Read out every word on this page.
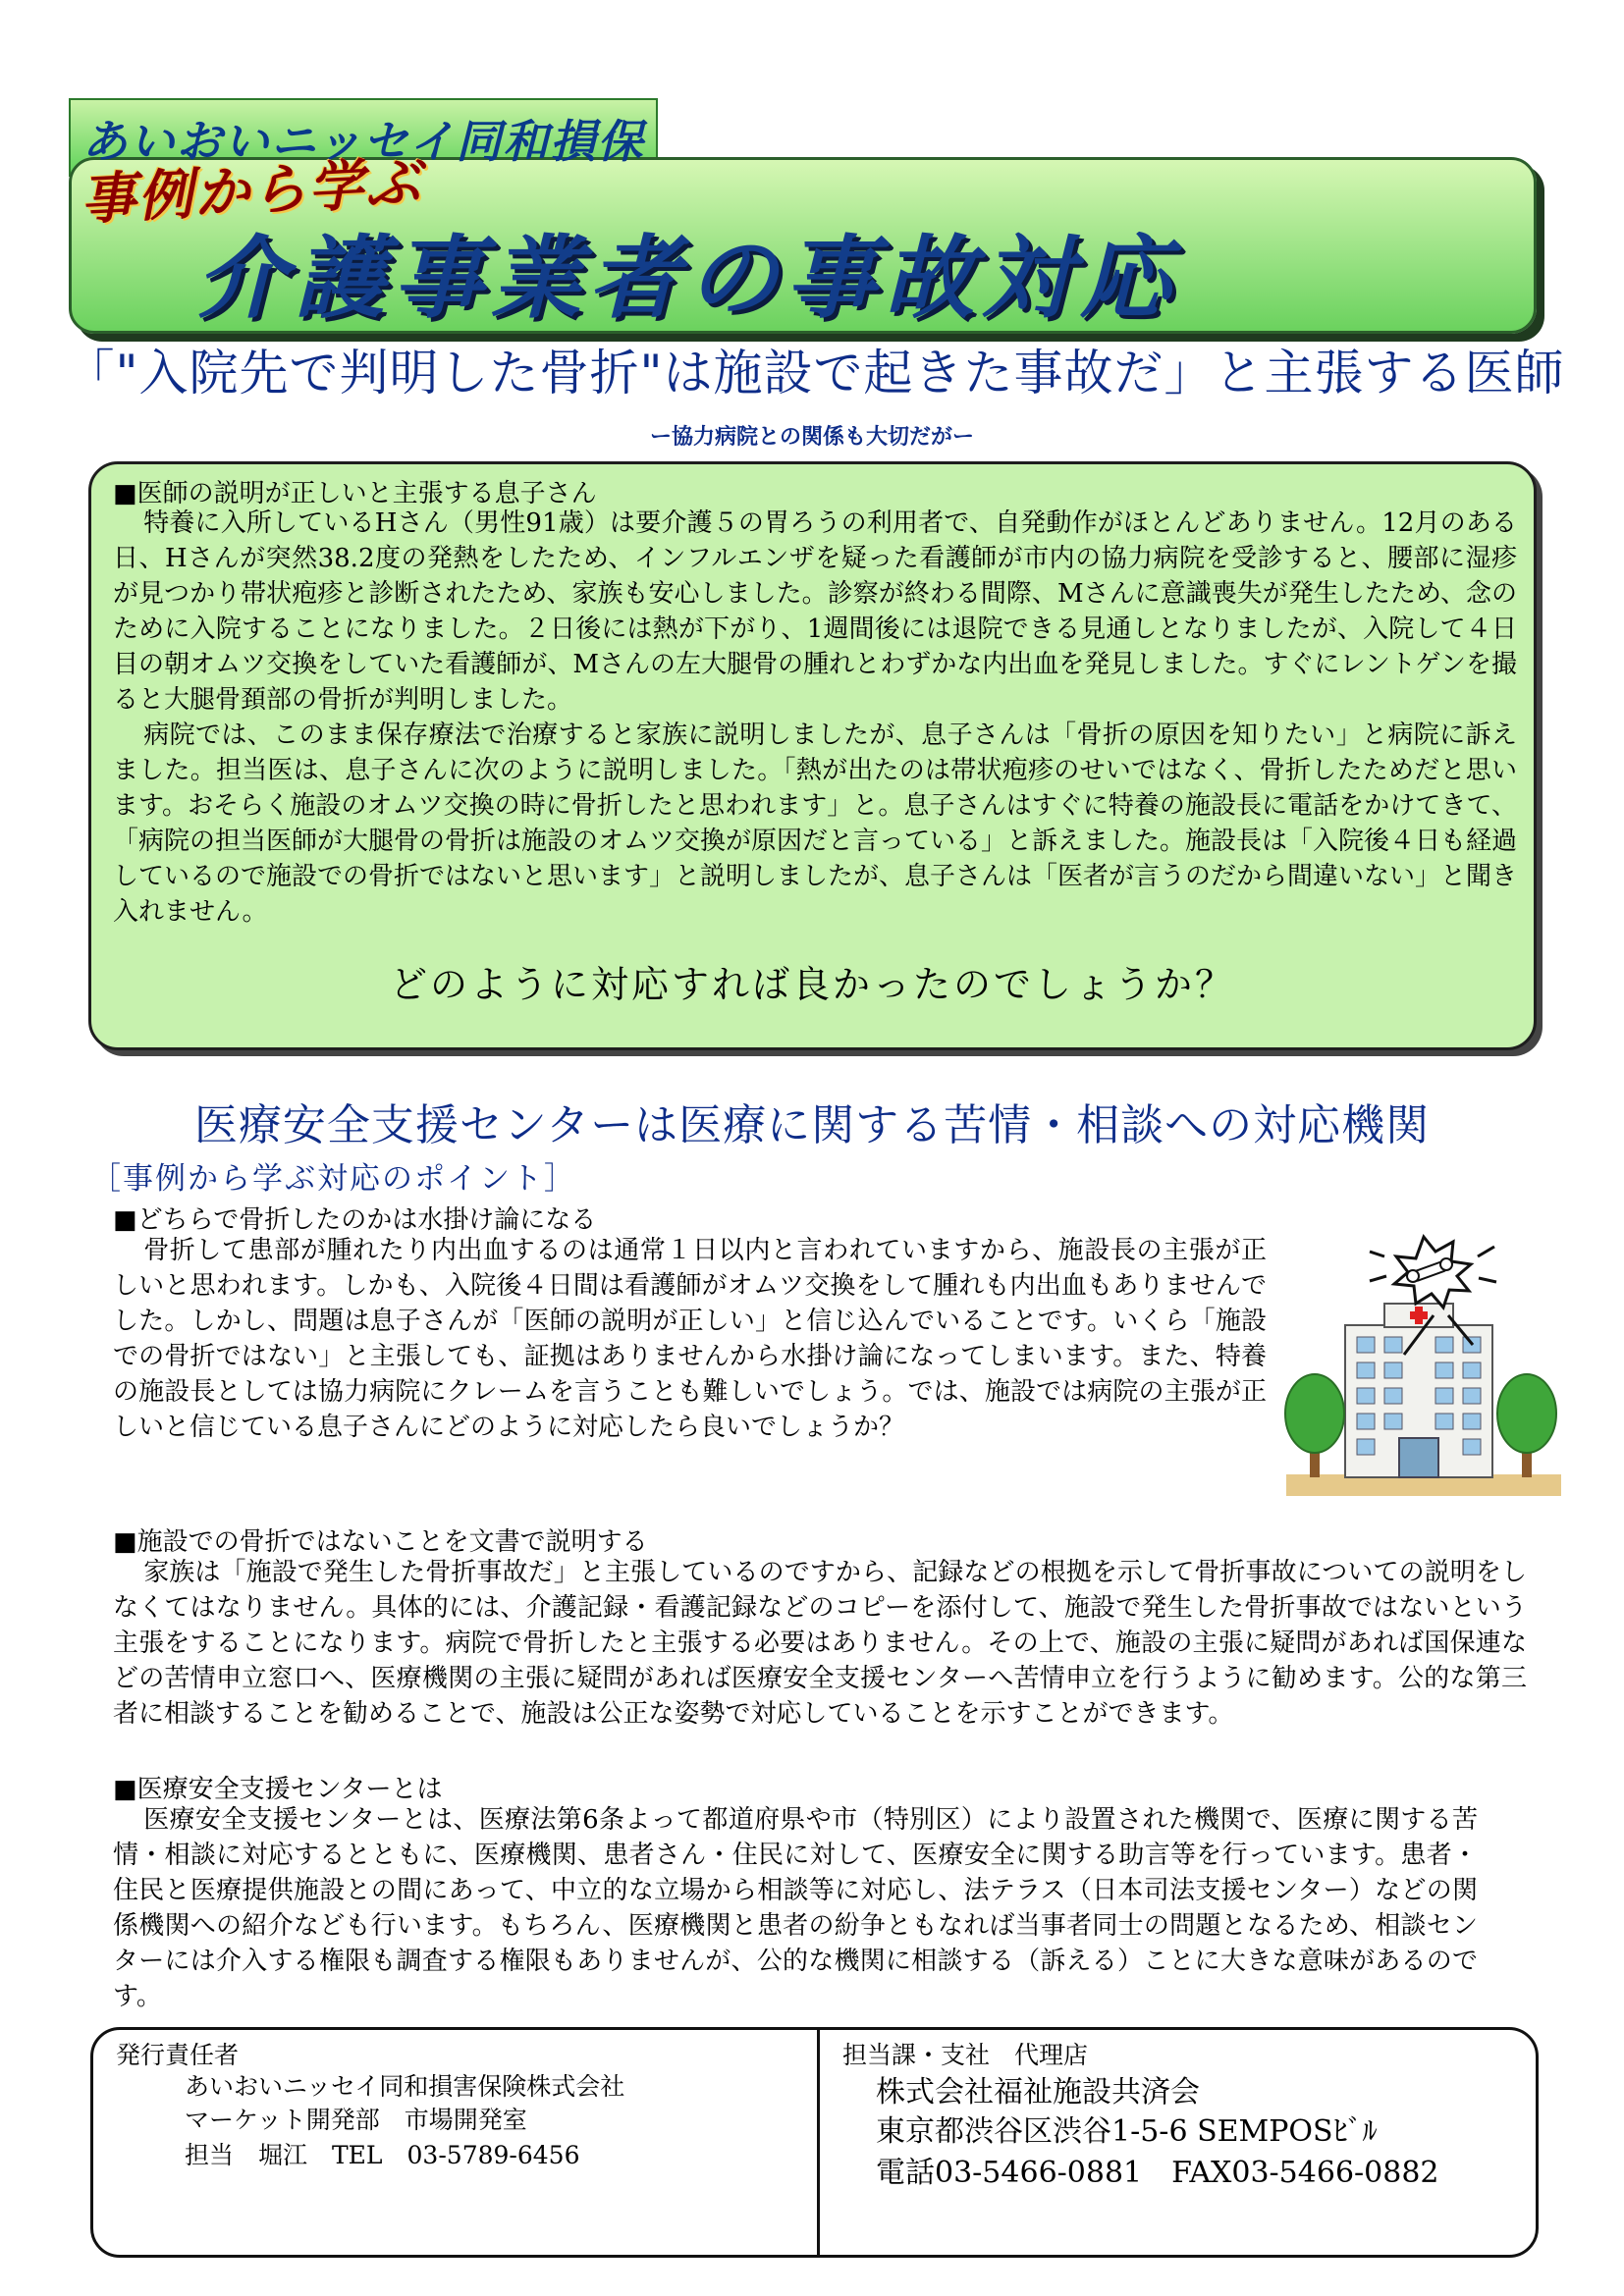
あいおいニッセイ同和損保
事例から学ぶ
介護事業者の事故対応
「"入院先で判明した骨折"は施設で起きた事故だ」と主張する医師
ー協力病院との関係も大切だがー
■医師の説明が正しいと主張する息子さん

特養に入所しているHさん（男性91歳）は要介護５の胃ろうの利用者で、自発動作がほとんどありません。12月のある日、Hさんが突然38.2度の発熱をしたため、インフルエンザを疑った看護師が市内の協力病院を受診すると、腰部に湿疹が見つかり帯状疱疹と診断されたため、家族も安心しました。診察が終わる間際、Mさんに意識喪失が発生したため、念のために入院することになりました。２日後には熱が下がり、1週間後には退院できる見通しとなりましたが、入院して４日目の朝オムツ交換をしていた看護師が、Mさんの左大腿骨の腫れとわずかな内出血を発見しました。すぐにレントゲンを撮ると大腿骨頚部の骨折が判明しました。

病院では、このまま保存療法で治療すると家族に説明しましたが、息子さんは「骨折の原因を知りたい」と病院に訴えました。担当医は、息子さんに次のように説明しました。「熱が出たのは帯状疱疹のせいではなく、骨折したためだと思います。おそらく施設のオムツ交換の時に骨折したと思われます」と。息子さんはすぐに特養の施設長に電話をかけてきて、「病院の担当医師が大腿骨の骨折は施設のオムツ交換が原因だと言っている」と訴えました。施設長は「入院後４日も経過しているので施設での骨折ではないと思います」と説明しましたが、息子さんは「医者が言うのだから間違いない」と聞き入れません。

どのように対応すれば良かったのでしょうか？
医療安全支援センターは医療に関する苦情・相談への対応機関
［事例から学ぶ対応のポイント］
■どちらで骨折したのかは水掛け論になる

骨折して患部が腫れたり内出血するのは通常１日以内と言われていますから、施設長の主張が正しいと思われます。しかも、入院後４日間は看護師がオムツ交換をして腫れも内出血もありませんでした。しかし、問題は息子さんが「医師の説明が正しい」と信じ込んでいることです。いくら「施設での骨折ではない」と主張しても、証拠はありませんから水掛け論になってしまいます。また、特養の施設長としては協力病院にクレームを言うことも難しいでしょう。では、施設では病院の主張が正しいと信じている息子さんにどのように対応したら良いでしょうか？

■施設での骨折ではないことを文書で説明する

家族は「施設で発生した骨折事故だ」と主張しているのですから、記録などの根拠を示して骨折事故についての説明をしなくてはなりません。具体的には、介護記録・看護記録などのコピーを添付して、施設で発生した骨折事故ではないという主張をすることになります。病院で骨折したと主張する必要はありません。その上で、施設の主張に疑問があれば国保連などの苦情申立窓口へ、医療機関の主張に疑問があれば医療安全支援センターへ苦情申立を行うように勧めます。公的な第三者に相談することを勧めることで、施設は公正な姿勢で対応していることを示すことができます。

■医療安全支援センターとは

医療安全支援センターとは、医療法第6条よって都道府県や市（特別区）により設置された機関で、医療に関する苦情・相談に対応するとともに、医療機関、患者さん・住民に対して、医療安全に関する助言等を行っています。患者・住民と医療提供施設との間にあって、中立的な立場から相談等に対応し、法テラス（日本司法支援センター）などの関係機関への紹介なども行います。もちろん、医療機関と患者の紛争ともなれば当事者同士の問題となるため、相談センターには介入する権限も調査する権限もありませんが、公的な機関に相談する（訴える）ことに大きな意味があるのです。

発行責任者
あいおいニッセイ同和損害保険株式会社
マーケット開発部　市場開発室
担当　堀江　TEL　03-5789-6456
担当課・支社　代理店
株式会社福祉施設共済会
東京都渋谷区渋谷1-5-6 SEMPOSﾋﾞﾙ
電話03-5466-0881　FAX03-5466-0882
